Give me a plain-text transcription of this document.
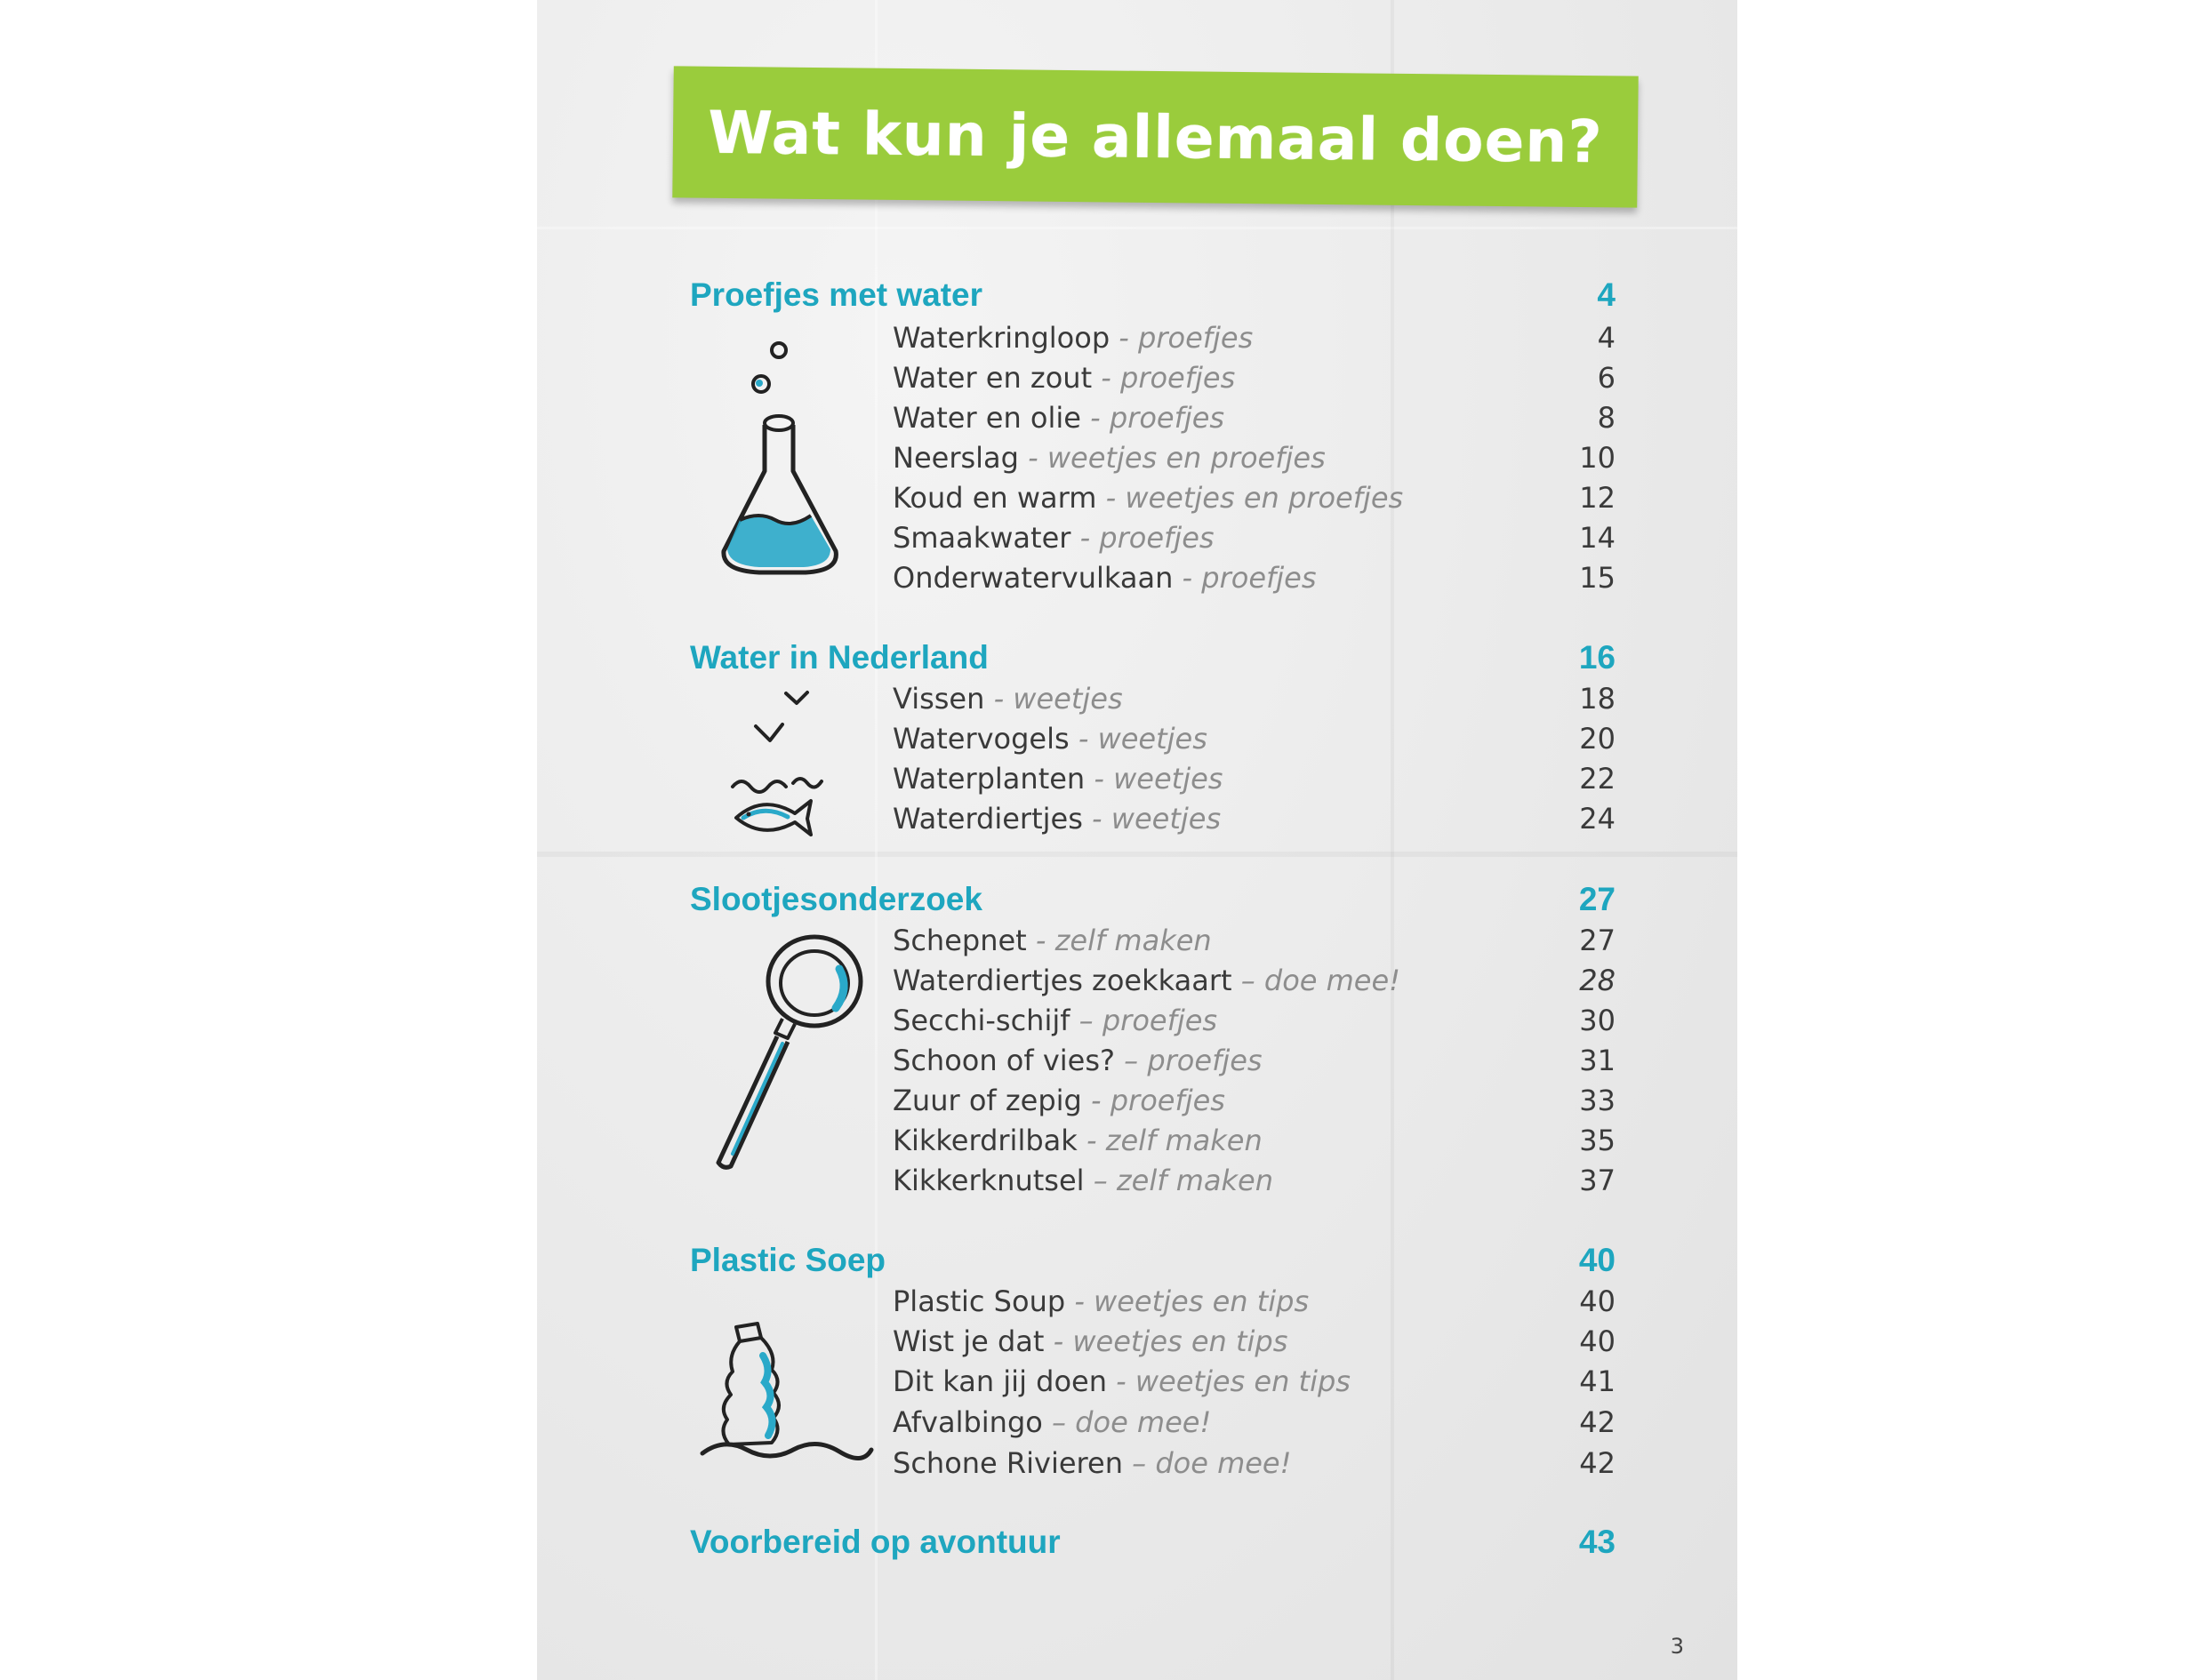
Wat kun je allemaal doen?
Proefjes met water	4
Waterkringloop - proefjes	4
Water en zout - proefjes	6
Water en olie - proefjes	8
Neerslag - weetjes en proefjes	10
Koud en warm - weetjes en proefjes	12
Smaakwater - proefjes	14
Onderwatervulkaan - proefjes	15
Water in Nederland	16
Vissen - weetjes	18
Watervogels - weetjes	20
Waterplanten - weetjes	22
Waterdiertjes - weetjes	24
Slootjesonderzoek	27
Schepnet - zelf maken	27
Waterdiertjes zoekkaart – doe mee!	28
Secchi-schijf – proefjes	30
Schoon of vies? – proefjes	31
Zuur of zepig - proefjes	33
Kikkerdrilbak - zelf maken	35
Kikkerknutsel – zelf maken	37
Plastic Soep	40
Plastic Soup - weetjes en tips	40
Wist je dat - weetjes en tips	40
Dit kan jij doen - weetjes en tips	41
Afvalbingo – doe mee!	42
Schone Rivieren – doe mee!	42
Voorbereid op avontuur	43
3
